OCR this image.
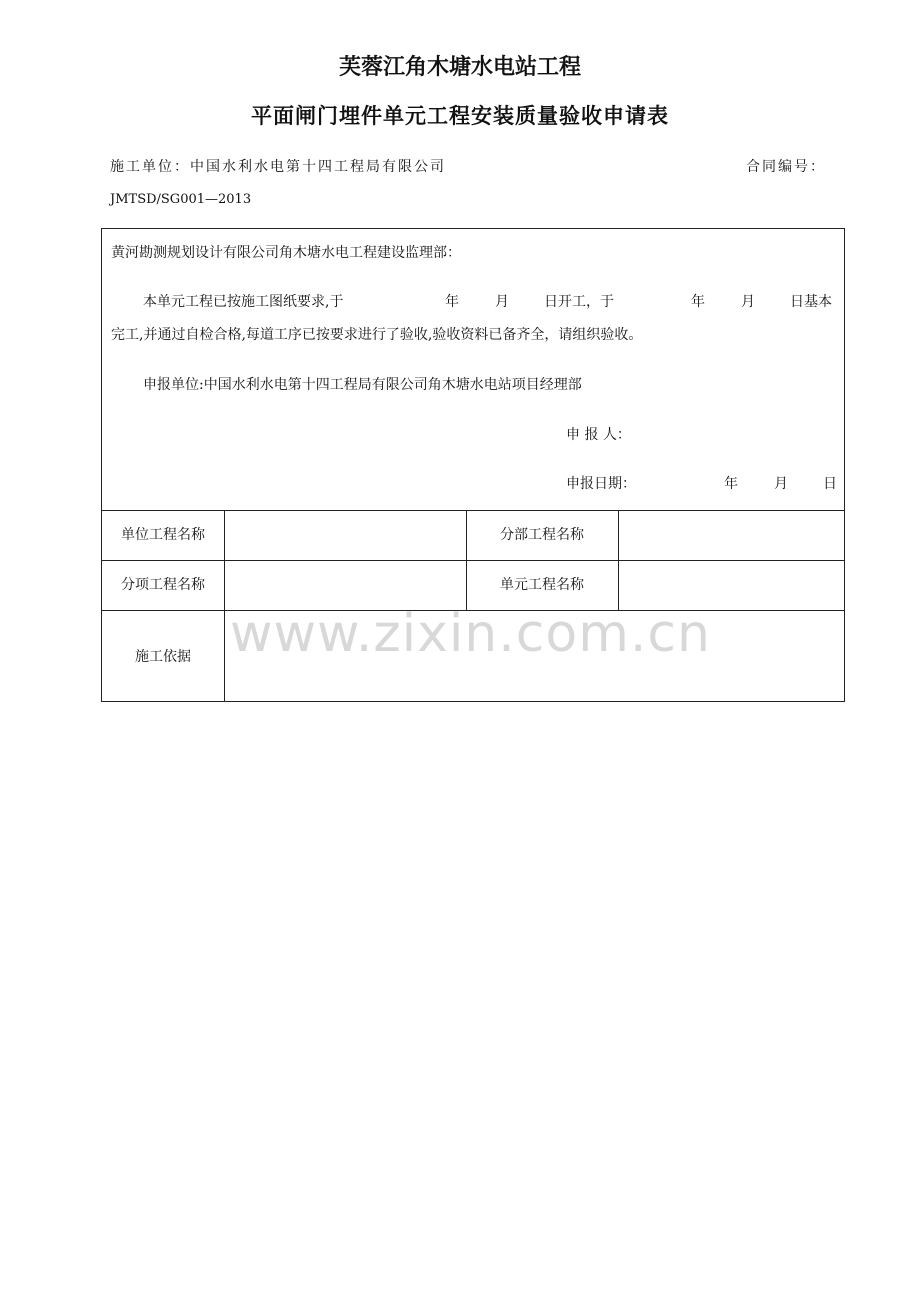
芙蓉江角木塘水电站工程
平面闸门埋件单元工程安装质量验收申请表
施工单位：中国水利水电第十四工程局有限公司	合同编号：
JMTSD/SG001—2013
黄河勘测规划设计有限公司角木塘水电工程建设监理部：
本单元工程已按施工图纸要求,于	年	月	日开工，于	年	月	日基本
完工,并通过自检合格,每道工序已按要求进行了验收,验收资料已备齐全，请组织验收。
申报单位:中国水利水电第十四工程局有限公司角木塘水电站项目经理部
申 报 人：
申报日期：	年	月	日
单位工程名称	分部工程名称
分项工程名称	单元工程名称
施工依据 www.zixin.com.cn
